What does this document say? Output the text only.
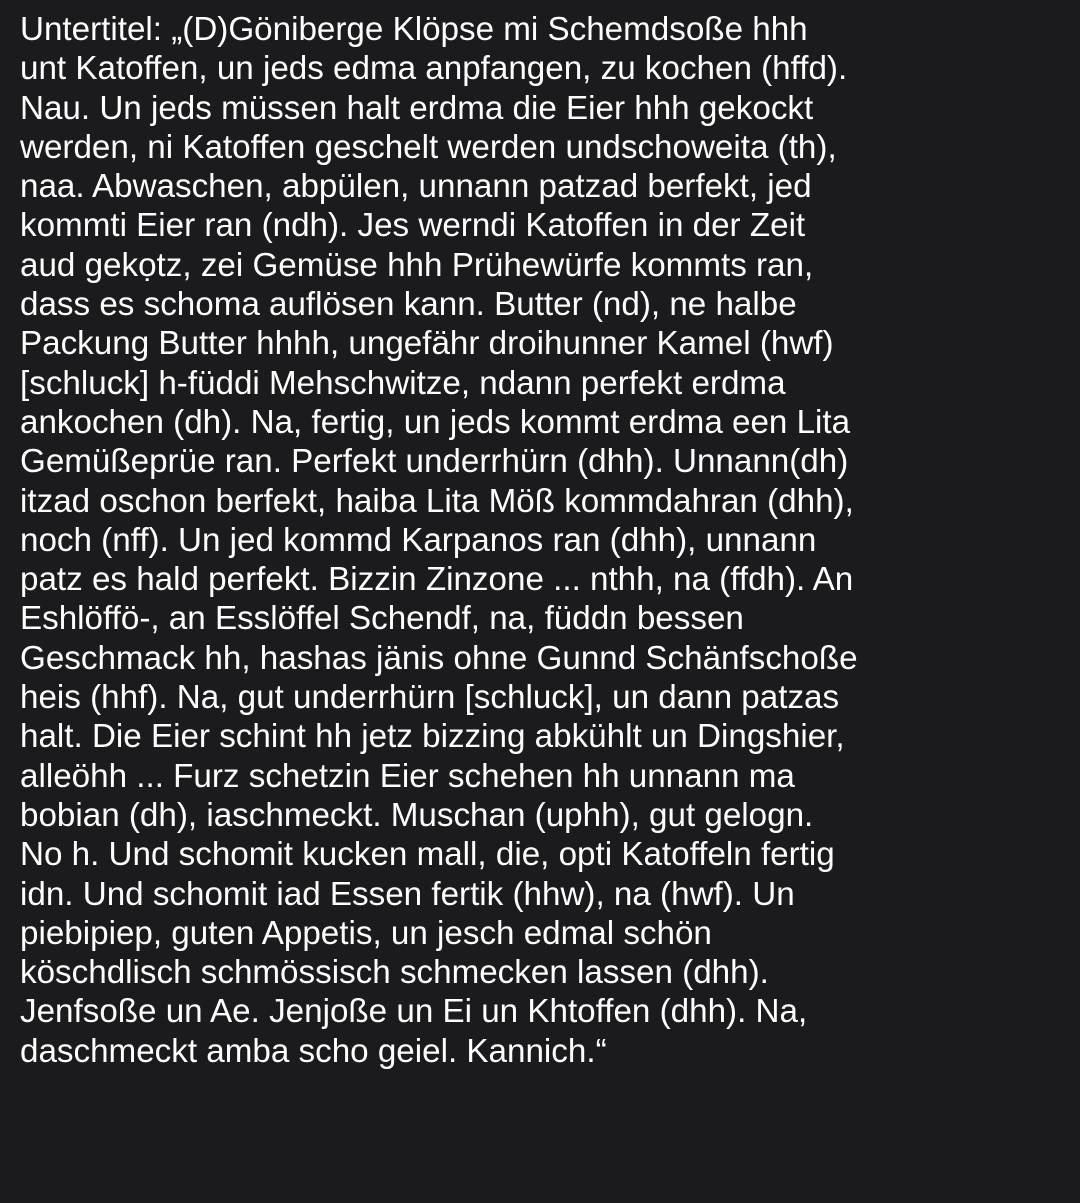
Untertitel: „(D)Göniberge Klöpse mi Schemdsoße hhh
unt Katoffen, un jeds edma anpfangen, zu kochen (hffd).
Nau. Un jeds müssen halt erdma die Eier hhh gekockt
werden, ni Katoffen geschelt werden undschoweita (th),
naa. Abwaschen, abpülen, unnann patzad berfekt, jed
kommti Eier ran (ndh). Jes werndi Katoffen in der Zeit
aud gekọtz, zei Gemüse hhh Prühewürfe kommts ran,
dass es schoma auflösen kann. Butter (nd), ne halbe
Packung Butter hhhh, ungefähr droihunner Kamel (hwf)
[schluck] h-füddi Mehschwitze, ndann perfekt erdma
ankochen (dh). Na, fertig, un jeds kommt erdma een Lita
Gemüßeprüe ran. Perfekt underrhürn (dhh). Unnann(dh)
itzad oschon berfekt, haiba Lita Möß kommdahran (dhh),
noch (nff). Un jed kommd Karpanos ran (dhh), unnann
patz es hald perfekt. Bizzin Zinzone ... nthh, na (ffdh). An
Eshlöffö-, an Esslöffel Schendf, na, füddn bessen
Geschmack hh, hashas jänis ohne Gunnd Schänfschoße
heis (hhf). Na, gut underrhürn [schluck], un dann patzas
halt. Die Eier schint hh jetz bizzing abkühlt un Dingshier,
alleöhh ... Furz schetzin Eier schehen hh unnann ma
bobian (dh), iaschmeckt. Muschan (uphh), gut gelogn.
No h. Und schomit kucken mall, die, opti Katoffeln fertig
idn. Und schomit iad Essen fertik (hhw), na (hwf). Un
piebipiep, guten Appetis, un jesch edmal schön
köschdlisch schmössisch schmecken lassen (dhh).
Jenfsoße un Ae. Jenjoße un Ei un Khtoffen (dhh). Na,
daschmeckt amba scho geiel. Kannich.“
